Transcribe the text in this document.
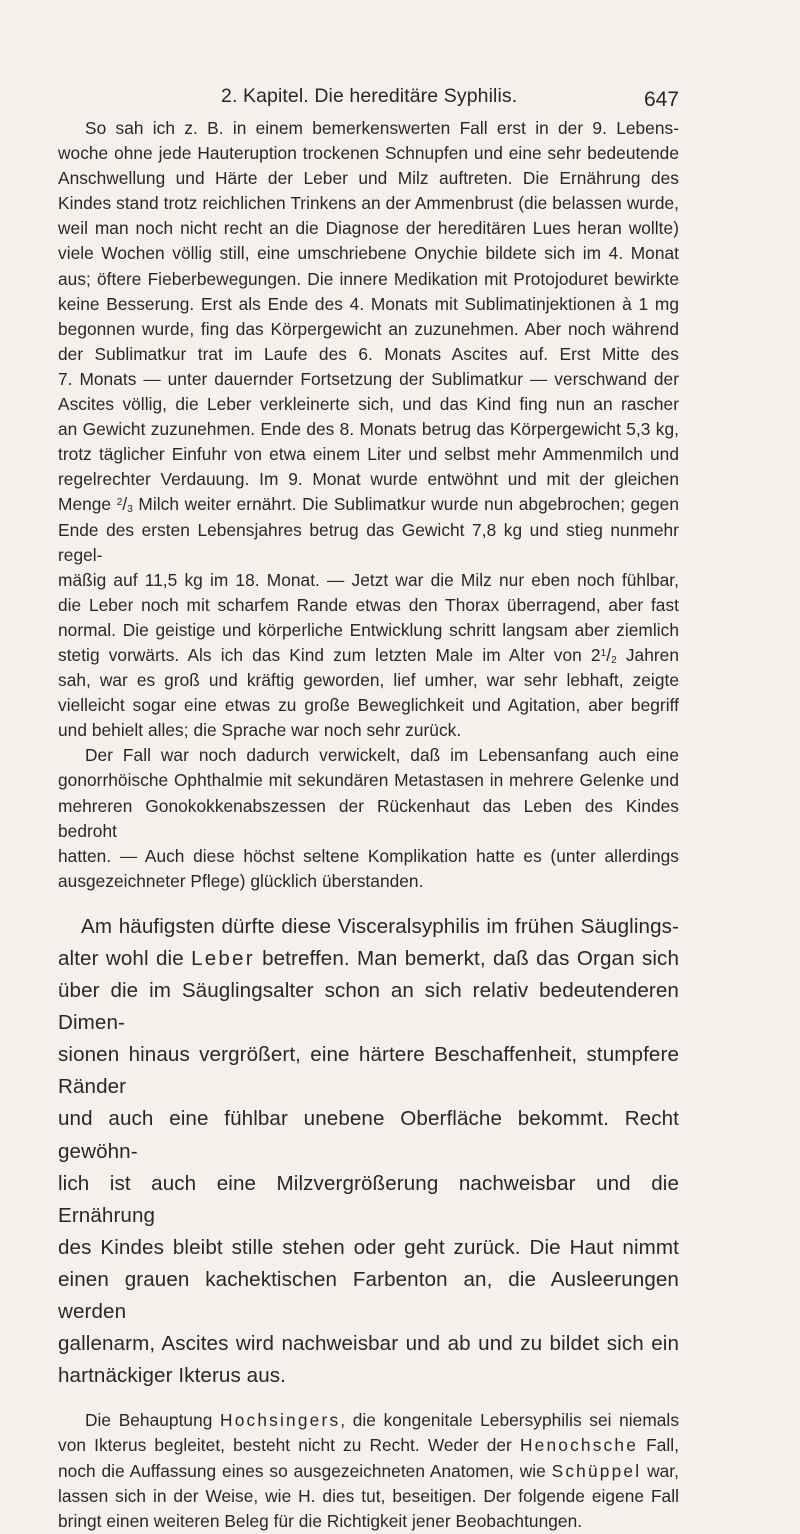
2. Kapitel. Die hereditäre Syphilis.	647

So sah ich z. B. in einem bemerkenswerten Fall erst in der 9. Lebens-

woche ohne jede Hauteruption trockenen Schnupfen und eine sehr bedeutende

Anschwellung und Härte der Leber und Milz auftreten. Die Ernährung des

Kindes stand trotz reichlichen Trinkens an der Ammenbrust (die belassen wurde,

weil man noch nicht recht an die Diagnose der hereditären Lues heran wollte)

viele Wochen völlig still, eine umschriebene Onychie bildete sich im 4. Monat

aus; öftere Fieberbewegungen. Die innere Medikation mit Protojoduret bewirkte

keine Besserung. Erst als Ende des 4. Monats mit Sublimatinjektionen à 1 mg

begonnen wurde, fing das Körpergewicht an zuzunehmen. Aber noch während

der Sublimatkur trat im Laufe des 6. Monats Ascites auf. Erst Mitte des

7. Monats — unter dauernder Fortsetzung der Sublimatkur — verschwand der

Ascites völlig, die Leber verkleinerte sich, und das Kind fing nun an rascher

an Gewicht zuzunehmen. Ende des 8. Monats betrug das Körpergewicht 5,3 kg,

trotz täglicher Einfuhr von etwa einem Liter und selbst mehr Ammenmilch und

regelrechter Verdauung. Im 9. Monat wurde entwöhnt und mit der gleichen

Menge $^2/_3$ Milch weiter ernährt. Die Sublimatkur wurde nun abgebrochen; gegen

Ende des ersten Lebensjahres betrug das Gewicht 7,8 kg und stieg nunmehr regel-

mäßig auf 11,5 kg im 18. Monat. — Jetzt war die Milz nur eben noch fühlbar,

die Leber noch mit scharfem Rande etwas den Thorax überragend, aber fast

normal. Die geistige und körperliche Entwicklung schritt langsam aber ziemlich

stetig vorwärts. Als ich das Kind zum letzten Male im Alter von $2^1/_2$ Jahren

sah, war es groß und kräftig geworden, lief umher, war sehr lebhaft, zeigte

vielleicht sogar eine etwas zu große Beweglichkeit und Agitation, aber begriff

und behielt alles; die Sprache war noch sehr zurück.

Der Fall war noch dadurch verwickelt, daß im Lebensanfang auch eine

gonorrhöische Ophthalmie mit sekundären Metastasen in mehrere Gelenke und

mehreren Gonokokkenabszessen der Rückenhaut das Leben des Kindes bedroht

hatten. — Auch diese höchst seltene Komplikation hatte es (unter allerdings

ausgezeichneter Pflege) glücklich überstanden.

Am häufigsten dürfte diese Visceralsyphilis im frühen Säuglings-

alter wohl die Leber betreffen. Man bemerkt, daß das Organ sich

über die im Säuglingsalter schon an sich relativ bedeutenderen Dimen-

sionen hinaus vergrößert, eine härtere Beschaffenheit, stumpfere Ränder

und auch eine fühlbar unebene Oberfläche bekommt. Recht gewöhn-

lich ist auch eine Milzvergrößerung nachweisbar und die Ernährung

des Kindes bleibt stille stehen oder geht zurück. Die Haut nimmt

einen grauen kachektischen Farbenton an, die Ausleerungen werden

gallenarm, Ascites wird nachweisbar und ab und zu bildet sich ein

hartnäckiger Ikterus aus.

Die Behauptung Hochsingers, die kongenitale Lebersyphilis sei niemals

von Ikterus begleitet, besteht nicht zu Recht. Weder der Henochsche Fall,

noch die Auffassung eines so ausgezeichneten Anatomen, wie Schüppel war,

lassen sich in der Weise, wie H. dies tut, beseitigen. Der folgende eigene Fall

bringt einen weiteren Beleg für die Richtigkeit jener Beobachtungen.
